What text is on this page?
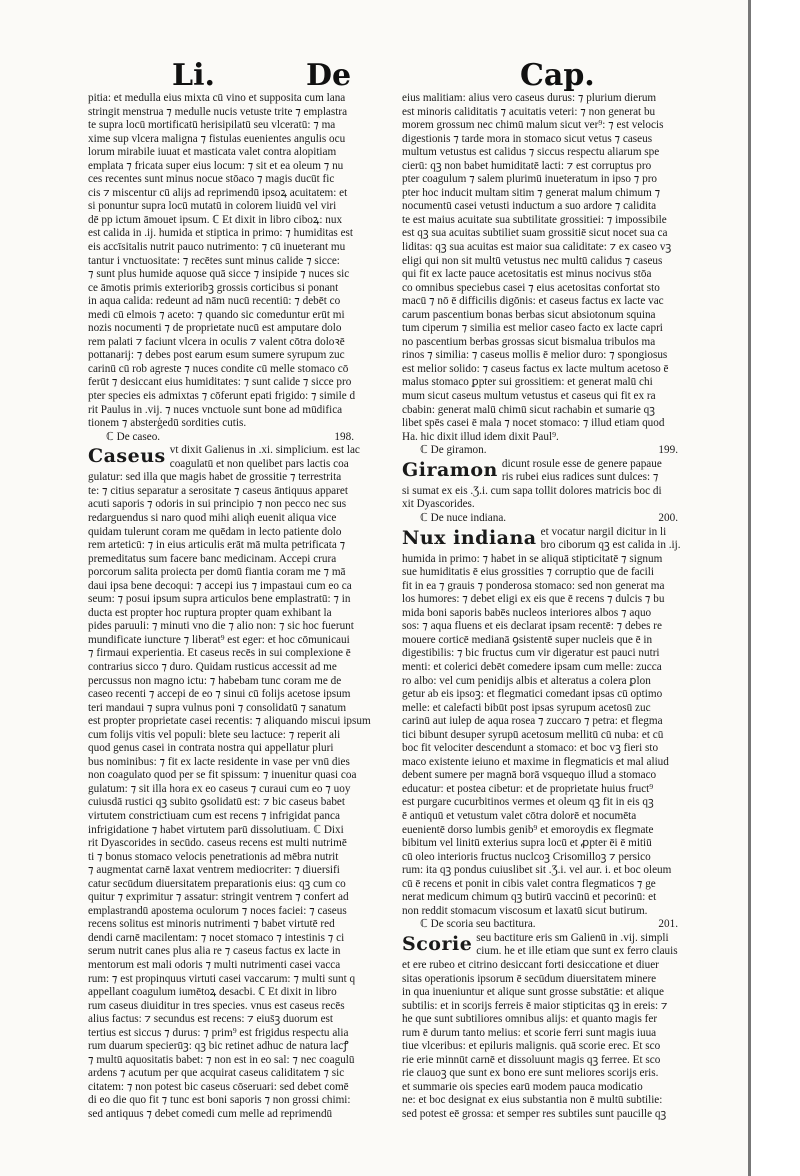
Li.	De	Cap.

pitia: et medulla eius mixta cū vino et supposita cum lana

stringit menstrua ⁊ medulle nucis vetuste trite ⁊ emplastra

te supra locū mortificatū herisipilatū seu vlceratū: ⁊ ma

xime sup vlcera maligna ⁊ fistulas euenientes angulis ocu

lorum mirabile iuuat et masticata valet contra alopitiam

emplata ⁊ fricata super eius locum: ⁊ sit et ea oleum ⁊ nu

ces recentes sunt minus nocue stōaco ⁊ magis ducūt fic

cis ⁊ miscentur cū alijs ad reprimendū ipsoꝝ acuitatem: et

si ponuntur supra locū mutatū in colorem liuidū vel viri

dē pp ictum āmouet ipsum. ℂ Et dixit in libro ciboꝝ: nux

est calida in .ij. humida et stiptica in primo: ⁊ humiditas est

eis accīsitalis nutrit pauco nutrimento: ⁊ cū inueterant mu

tantur i vnctuositate: ⁊ recētes sunt minus calide ⁊ sicce:

⁊ sunt plus humide aquose quā sicce ⁊ insipide ⁊ nuces sic

ce āmotis primis exterioribꝫ grossis corticibus si ponant

in aqua calida: redeunt ad nām nucū recentiū: ⁊ debēt co

medi cū elmois ⁊ aceto: ⁊ quando sic comeduntur erūt mi

nozis nocumenti ⁊ de proprietate nucū est amputare dolo

rem palati ⁊ faciunt vlcera in oculis ⁊ valent cōtra doloꝛē

pottanarij: ⁊ debes post earum esum sumere syrupum zuc

carinū cū rob agreste ⁊ nuces condite cū melle stomaco cō

ferūt ⁊ desiccant eius humiditates: ⁊ sunt calide ⁊ sicce pro

pter species eis admixtas ⁊ cōferunt epati frigido: ⁊ simile d

rit Paulus in .vij. ⁊ nuces vnctuole sunt bone ad mūdifica

tionem ⁊ absterģedū sordities cutis.

ℂ De caseo.	198.
Caseus vt dixit Galienus in .xi. simplicium. est lac
coagulatū et non quelibet pars lactis coa

gulatur: sed illa que magis habet de grossitie ⁊ terrestrita

te: ⁊ citius separatur a serositate ⁊ caseus āntiquus apparet

acuti saporis ⁊ odoris in sui principio ⁊ non pecco nec sus

redarguendus si naro quod mihi aliqh euenit aliqua vice

quidam tulerunt coram me quēdam in lecto patiente dolo

rem arteticū: ⁊ in eius articulis erāt mā multa petrificata ⁊

premeditatus sum facere banc medicinam. Accepi crura

porcorum salita proiecta per domū fiantia coram me ⁊ mā

daui ipsa bene decoqui: ⁊ accepi ius ⁊ impastaui cum eo ca

seum: ⁊ posui ipsum supra articulos bene emplastratū: ⁊ in

ducta est propter hoc ruptura propter quam exhibant la

pides paruuli: ⁊ minuti vno die ⁊ alio non: ⁊ sic hoc fuerunt

mundificate iuncture ⁊ liberat⁹ est eger: et hoc cōmunicaui

⁊ firmaui experientia. Et caseus recēs in sui complexione ē

contrarius sicco ⁊ duro. Quidam rusticus accessit ad me

percussus non magno ictu: ⁊ habebam tunc coram me de

caseo recenti ⁊ accepi de eo ⁊ sinui cū folijs acetose ipsum

teri mandaui ⁊ supra vulnus poni ⁊ consolidatū ⁊ sanatum

est propter proprietate casei recentis: ⁊ aliquando miscui ipsum

cum folijs vitis vel populi: blete seu lactuce: ⁊ reperit ali

quod genus casei in contrata nostra qui appellatur pluri

bus nominibus: ⁊ fit ex lacte residente in vase per vnū dies

non coagulato quod per se fit spissum: ⁊ inuenitur quasi coa

gulatum: ⁊ sit illa hora ex eo caseus ⁊ curaui cum eo ⁊ uoy

cuiusdā rustici qꝫ subito ꝯsolidatū est: ⁊ bic caseus babet

virtutem constrictiuam cum est recens ⁊ infrigidat panca

infrigidatione ⁊ habet virtutem parū dissolutiuam. ℂ Dixi

rit Dyascorides in secūdo. caseus recens est multi nutrimē

ti ⁊ bonus stomaco velocis penetrationis ad mēbra nutrit

⁊ augmentat carnē laxat ventrem mediocriter: ⁊ diuersifi

catur secūdum diuersitatem preparationis eius: qꝫ cum co

quitur ⁊ exprimitur ⁊ assatur: stringit ventrem ⁊ confert ad

emplastrandū apostema oculorum ⁊ noces faciei: ⁊ caseus

recens solitus est minoris nutrimenti ⁊ babet virtutē red

dendi carnē macilentam: ⁊ nocet stomaco ⁊ intestinis ⁊ ci

serum nutrit canes plus alia re ⁊ caseus factus ex lacte in

mentorum est mali odoris ⁊ multi nutrimenti casei vacca

rum: ⁊ est propinquus virtuti casei vaccarum: ⁊ multi sunt q

appellant coagulum iumētoꝝ desacbi. ℂ Et dixit in libro

rum caseus diuiditur in tres species. vnus est caseus recēs

alius factus: ⁊ secundus est recens: ⁊ eius̄ꝫ duorum est

tertius est siccus ⁊ durus: ⁊ prim⁹ est frigidus respectu alia

rum duarum specierūꝫ: qꝫ bic retinet adhuc de natura lacꝭ

⁊ multū aquositatis babet: ⁊ non est in eo sal: ⁊ nec coagulū

ardens ⁊ acutum per que acquirat caseus caliditatem ⁊ sic

citatem: ⁊ non potest bic caseus cōseruari: sed debet comē

di eo die quo fit ⁊ tunc est boni saporis ⁊ non grossi chimi:

sed antiquus ⁊ debet comedi cum melle ad reprimendū

eius malitiam: alius vero caseus durus: ⁊ plurium dierum

est minoris caliditatis ⁊ acuitatis veteri: ⁊ non generat bu

morem grossum nec chimū malum sicut ver⁹: ⁊ est velocis

digestionis ⁊ tarde mora in stomaco sicut vetus ⁊ caseus

multum vetustus est calidus ⁊ siccus respectu aliarum spe

cierū: qꝫ non babet humiditatē lacti: ⁊ est corruptus pro

pter coagulum ⁊ salem plurimū inueteratum in ipso ⁊ pro

pter hoc inducit multam sitim ⁊ generat malum chimum ⁊

nocumentū casei vetusti inductum a suo ardore ⁊ calidita

te est maius acuitate sua subtilitate grossitiei: ⁊ impossibile

est qꝫ sua acuitas subtiliet suam grossitiē sicut nocet sua ca

liditas: qꝫ sua acuitas est maior sua caliditate: ⁊ ex caseo vꝫ

eligi qui non sit multū vetustus nec multū calidus ⁊ caseus

qui fit ex lacte pauce acetositatis est minus nocivus stōa

co omnibus speciebus casei ⁊ eius acetositas confortat sto

macū ⁊ nō ē difficilis digōnis: et caseus factus ex lacte vac

carum pascentium bonas berbas sicut absiotonum squina

tum ciperum ⁊ similia est melior caseo facto ex lacte capri

no pascentium berbas grossas sicut bismalua tribulos ma

rinos ⁊ similia: ⁊ caseus mollis ē melior duro: ⁊ spongiosus

est melior solido: ⁊ caseus factus ex lacte multum acetoso ē

malus stomaco ꝑpter sui grossitiem: et generat malū chi

mum sicut caseus multum vetustus et caseus qui fit ex ra

cbabin: generat malū chimū sicut rachabin et sumarie qꝫ

libet spēs casei ē mala ⁊ nocet stomaco: ⁊ illud etiam quod

Ha. hic dixit illud idem dixit Paul⁹.

ℂ De giramon.	199.
Giramon dicunt rosule esse de genere papaue
ris rubei eius radices sunt dulces: ⁊

si sumat ex eis .Ʒ.i. cum sapa tollit dolores matricis boc di

xit Dyascorides.

ℂ De nuce indiana.	200.
Nux indiana et vocatur nargil dicitur in li
bro ciborum qꝫ est calida in .ij.

humida in primo: ⁊ habet in se aliquā stipticitatē ⁊ signum

sue humiditatis ē eius grossities ⁊ corruptio que de facili

fit in ea ⁊ grauis ⁊ ponderosa stomaco: sed non generat ma

los humores: ⁊ debet eligi ex eis que ē recens ⁊ dulcis ⁊ bu

mida boni saporis babēs nucleos interiores albos ⁊ aquo

sos: ⁊ aqua fluens et eis declarat ipsam recentē: ⁊ debes re

mouere corticē medianā ꝯsistentē super nucleis que ē in

digestibilis: ⁊ bic fructus cum vir digeratur est pauci nutri

menti: et colerici debēt comedere ipsam cum melle: zucca

ro albo: vel cum penidijs albis et alteratus a colera ꝑlon

getur ab eis ipsoꝫ: et flegmatici comedant ipsas cū optimo

melle: et calefacti bibūt post ipsas syrupum acetosū zuc

carinū aut iulep de aqua rosea ⁊ zuccaro ⁊ petra: et flegma

tici bibunt desuper syrupū acetosum mellitū cū nuba: et cū

boc fit velociter descendunt a stomaco: et boc vꝫ fieri sto

maco existente ieiuno et maxime in flegmaticis et mal aliud

debent sumere per magnā borā vsquequo illud a stomaco

educatur: et postea cibetur: et de proprietate huius fruct⁹

est purgare cucurbitinos vermes et oleum qꝫ fit in eis qꝫ

ē antiquū et vetustum valet cōtra dolorē et nocumēta

euenientē dorso lumbis genib⁹ et emoroydis ex flegmate

bibitum vel linitū exterius supra locū et ꝓpter ēi ē mitiū

cū oleo interioris fructus nuclcoꝫ Crisomilloꝫ ⁊ persico

rum: ita qꝫ pondus cuiuslibet sit .Ʒ.i. vel aur. i. et boc oleum

cū ē recens et ponit in cibis valet contra flegmaticos ⁊ ge

nerat medicum chimum qꝫ butirū vaccinū et pecorinū: et

non reddit stomacum viscosum et laxatū sicut butirum.

ℂ De scoria seu bactitura.	201.
Scorie seu bactiture eris sm Galienū in .vij. simpli
cium. he et ille etiam que sunt ex ferro clauis

et ere rubeo et citrino desiccant forti desiccatione et diuer

sitas operationis ipsorum ē secūdum diuersitatem minere

in qua inueniuntur et alique sunt grosse substātie: et alique

subtilis: et in scorijs ferreis ē maior stipticitas qꝫ in ereis: ⁊

he que sunt subtiliores omnibus alijs: et quanto magis fer

rum ē durum tanto melius: et scorie ferri sunt magis iuua

tiue vlceribus: et epiluris malignis. quā scorie erec. Et sco

rie erie minnūt carnē et dissoluunt magis qꝫ ferree. Et sco

rie clauoꝫ que sunt ex bono ere sunt meliores scorijs eris.

et summarie ois species earū modem pauca modicatio

ne: et boc designat ex eius substantia non ē multū subtilie:

sed potest eē grossa: et semper res subtiles sunt paucille qꝫ
